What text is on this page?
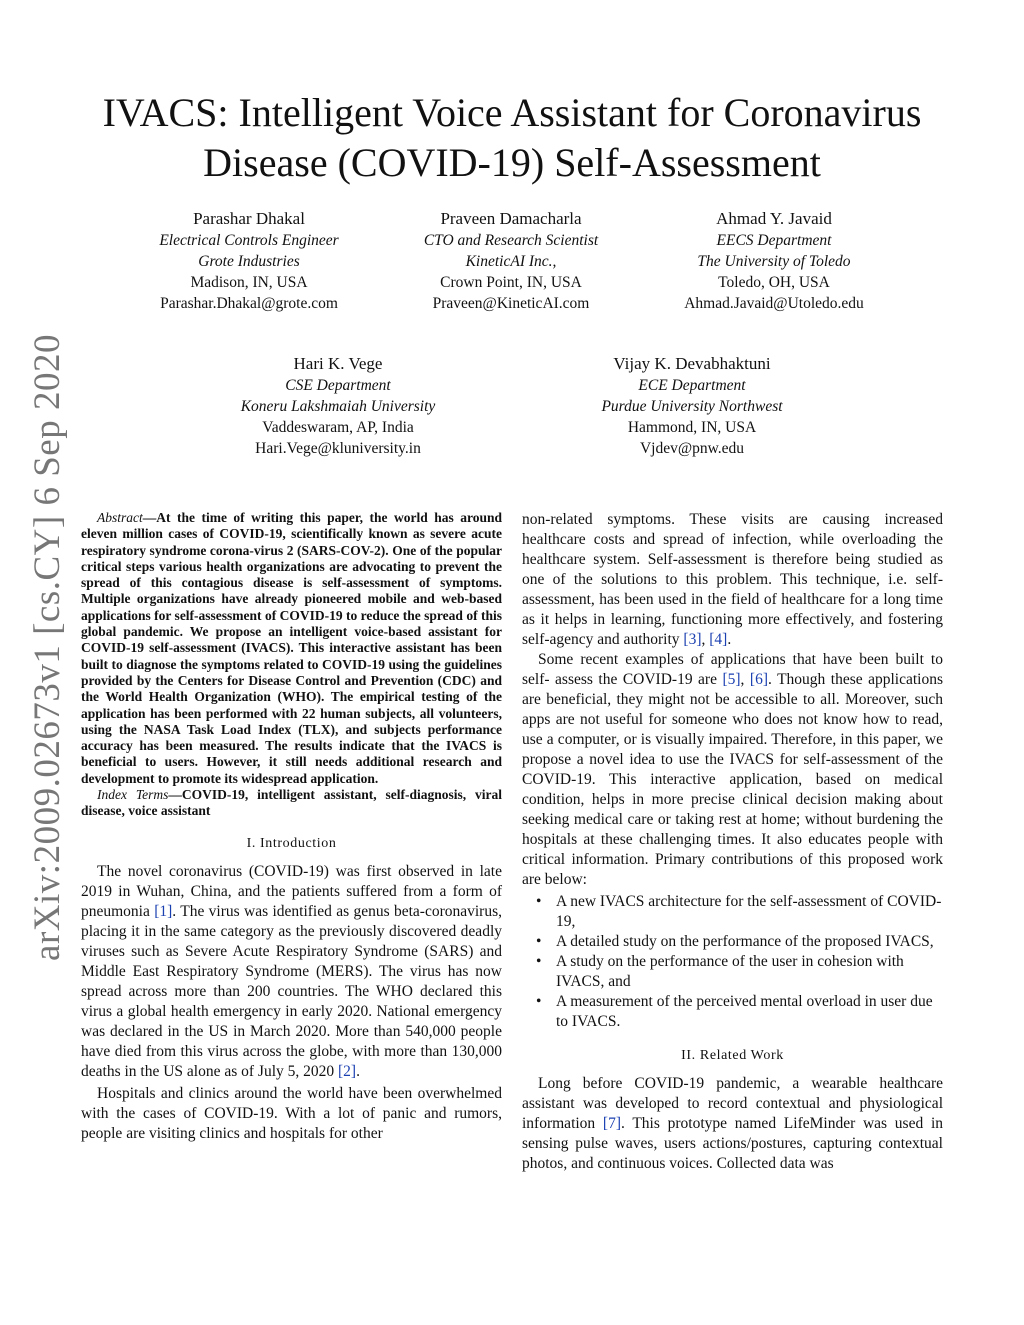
arXiv:2009.02673v1 [cs.CY] 6 Sep 2020
IVACS: Intelligent Voice Assistant for Coronavirus
Disease (COVID-19) Self-Assessment
Parashar Dhakal
Electrical Controls Engineer
Grote Industries
Madison, IN, USA
Parashar.Dhakal@grote.com
Praveen Damacharla
CTO and Research Scientist
KineticAI Inc.,
Crown Point, IN, USA
Praveen@KineticAI.com
Ahmad Y. Javaid
EECS Department
The University of Toledo
Toledo, OH, USA
Ahmad.Javaid@Utoledo.edu
Hari K. Vege
CSE Department
Koneru Lakshmaiah University
Vaddeswaram, AP, India
Hari.Vege@kluniversity.in
Vijay K. Devabhaktuni
ECE Department
Purdue University Northwest
Hammond, IN, USA
Vjdev@pnw.edu

Abstract—At the time of writing this paper, the world has around eleven million cases of COVID-19, scientifically known as severe acute respiratory syndrome corona-virus 2 (SARS-COV-2). One of the popular critical steps various health organizations are advocating to prevent the spread of this contagious disease is self-assessment of symptoms. Multiple organizations have already pioneered mobile and web-based applications for self-assessment of COVID-19 to reduce the spread of this global pandemic. We propose an intelligent voice-based assistant for COVID-19 self-assessment (IVACS). This interactive assistant has been built to diagnose the symptoms related to COVID-19 using the guidelines provided by the Centers for Disease Control and Prevention (CDC) and the World Health Organization (WHO). The empirical testing of the application has been performed with 22 human subjects, all volunteers, using the NASA Task Load Index (TLX), and subjects performance accuracy has been measured. The results indicate that the IVACS is beneficial to users. However, it still needs additional research and development to promote its widespread application.

Index Terms—COVID-19, intelligent assistant, self-diagnosis, viral disease, voice assistant

I. Introduction

The novel coronavirus (COVID-19) was first observed in late 2019 in Wuhan, China, and the patients suffered from a form of pneumonia [1]. The virus was identified as genus beta-coronavirus, placing it in the same category as the previously discovered deadly viruses such as Severe Acute Respiratory Syndrome (SARS) and Middle East Respiratory Syndrome (MERS). The virus has now spread across more than 200 countries. The WHO declared this virus a global health emergency in early 2020. National emergency was declared in the US in March 2020. More than 540,000 people have died from this virus across the globe, with more than 130,000 deaths in the US alone as of July 5, 2020 [2].

Hospitals and clinics around the world have been overwhelmed with the cases of COVID-19. With a lot of panic and rumors, people are visiting clinics and hospitals for other

non-related symptoms. These visits are causing increased healthcare costs and spread of infection, while overloading the healthcare system. Self-assessment is therefore being studied as one of the solutions to this problem. This technique, i.e. self-assessment, has been used in the field of healthcare for a long time as it helps in learning, functioning more effectively, and fostering self-agency and authority [3], [4].

Some recent examples of applications that have been built to self- assess the COVID-19 are [5], [6]. Though these applications are beneficial, they might not be accessible to all. Moreover, such apps are not useful for someone who does not know how to read, use a computer, or is visually impaired. Therefore, in this paper, we propose a novel idea to use the IVACS for self-assessment of the COVID-19. This interactive application, based on medical condition, helps in more precise clinical decision making about seeking medical care or taking rest at home; without burdening the hospitals at these challenging times. It also educates people with critical information. Primary contributions of this proposed work are below:

• A new IVACS architecture for the self-assessment of COVID-19,
• A detailed study on the performance of the proposed IVACS,
• A study on the performance of the user in cohesion with IVACS, and
• A measurement of the perceived mental overload in user due to IVACS.
II. Related Work

Long before COVID-19 pandemic, a wearable healthcare assistant was developed to record contextual and physiological information [7]. This prototype named LifeMinder was used in sensing pulse waves, users actions/postures, capturing contextual photos, and continuous voices. Collected data was
